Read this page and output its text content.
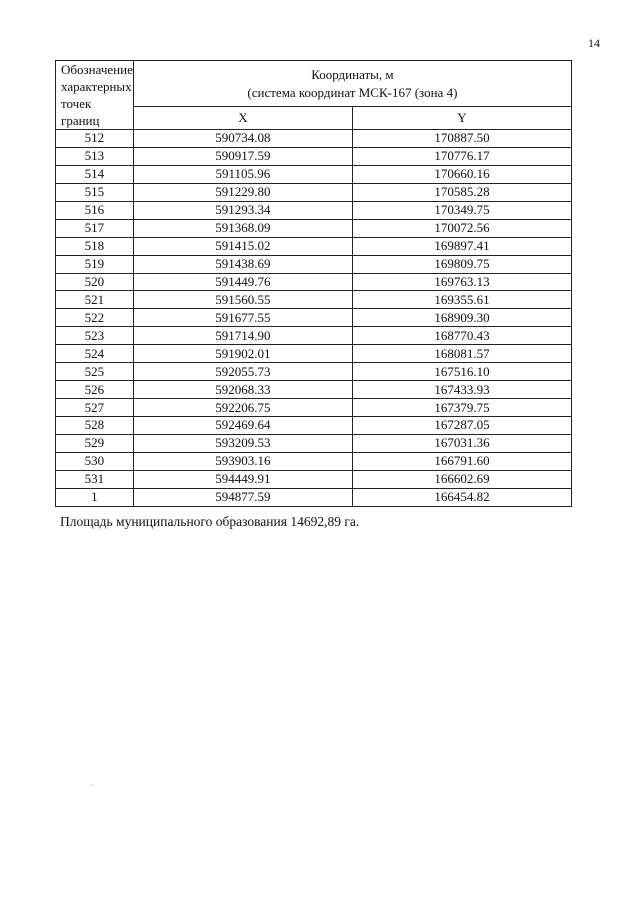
14
Обозначение
характерных
точек границ	Координаты, м
(система координат МСК-167 (зона 4)	
	X	Y
512	590734.08	170887.50
513	590917.59	170776.17
514	591105.96	170660.16
515	591229.80	170585.28
516	591293.34	170349.75
517	591368.09	170072.56
518	591415.02	169897.41
519	591438.69	169809.75
520	591449.76	169763.13
521	591560.55	169355.61
522	591677.55	168909.30
523	591714.90	168770.43
524	591902.01	168081.57
525	592055.73	167516.10
526	592068.33	167433.93
527	592206.75	167379.75
528	592469.64	167287.05
529	593209.53	167031.36
530	593903.16	166791.60
531	594449.91	166602.69
1	594877.59	166454.82
Площадь муниципального образования 14692,89 га.
`
